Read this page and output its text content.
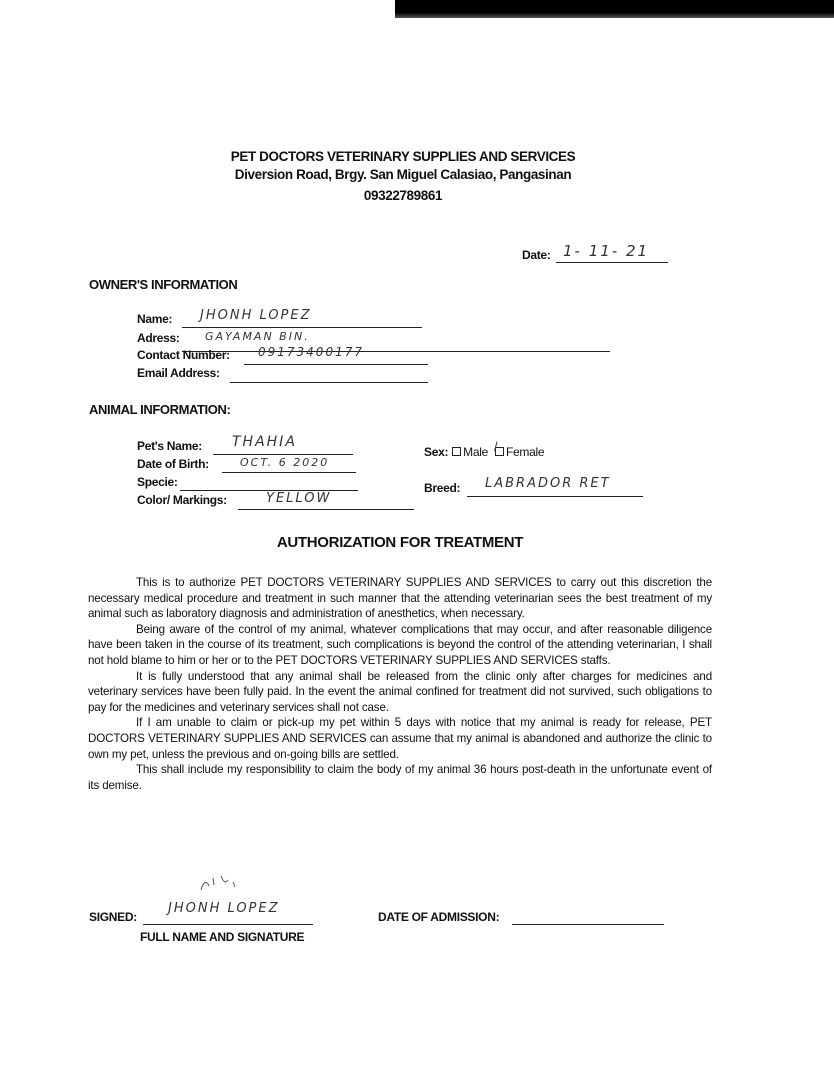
PET DOCTORS VETERINARY SUPPLIES AND SERVICES
Diversion Road, Brgy. San Miguel Calasiao, Pangasinan
09322789861
Date: 1- 11- 21
OWNER'S INFORMATION
Name: JHONH LOPEZ
Adress: GAYAMAN BIN.
Contact Number: 09173400177
Email Address:
ANIMAL INFORMATION:
Pet's Name: THAHIA
Date of Birth:	OCT. 6 2020
Specie:
Color/ Markings:	YELLOW
Sex: Male / Female
Breed: LABRADOR RET
AUTHORIZATION FOR TREATMENT

This is to authorize PET DOCTORS VETERINARY SUPPLIES AND SERVICES to carry out this discretion the necessary medical procedure and treatment in such manner that the attending veterinarian sees the best treatment of my animal such as laboratory diagnosis and administration of anesthetics, when necessary.

Being aware of the control of my animal, whatever complications that may occur, and after reasonable diligence have been taken in the course of its treatment, such complications is beyond the control of the attending veterinarian, I shall not hold blame to him or her or to the PET DOCTORS VETERINARY SUPPLIES AND SERVICES staffs.

It is fully understood that any animal shall be released from the clinic only after charges for medicines and veterinary services have been fully paid. In the event the animal confined for treatment did not survived, such obligations to pay for the medicines and veterinary services shall not case.

If I am unable to claim or pick-up my pet within 5 days with notice that my animal is ready for release, PET DOCTORS VETERINARY SUPPLIES AND SERVICES can assume that my animal is abandoned and authorize the clinic to own my pet, unless the previous and on-going bills are settled.

This shall include my responsibility to claim the body of my animal 36 hours post-death in the unfortunate event of its demise.

SIGNED:
JHONH LOPEZ
FULL NAME AND SIGNATURE
DATE OF ADMISSION:
